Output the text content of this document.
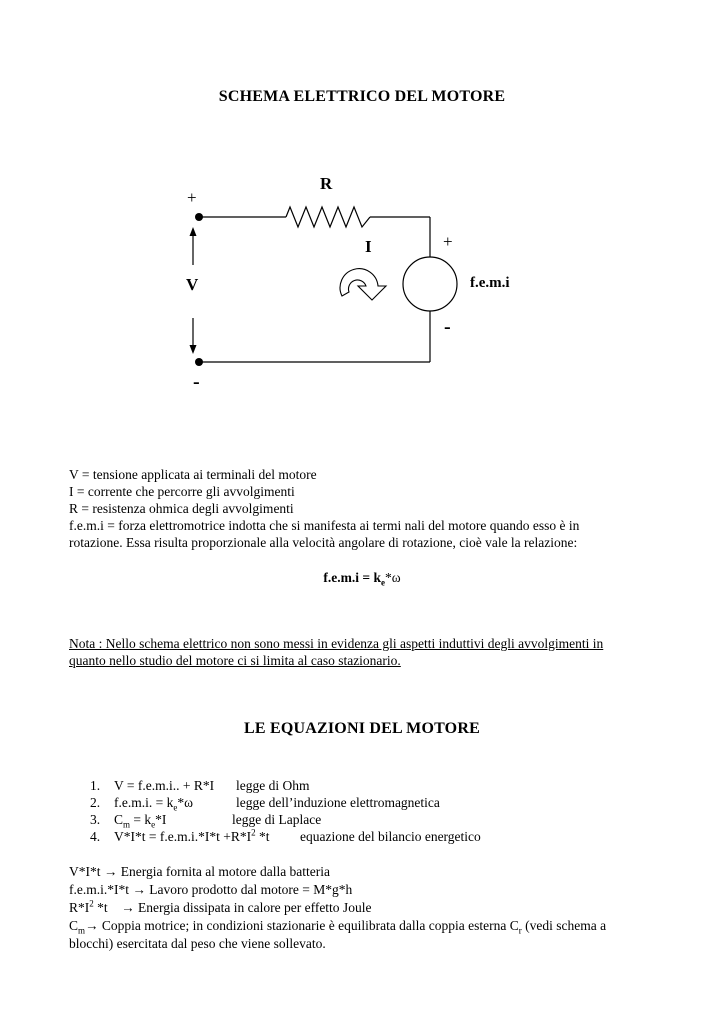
SCHEMA ELETTRICO DEL MOTORE
R
I
V	f.e.m.i
+
-
+
-
V = tensione applicata ai terminali del motore
I = corrente che percorre gli avvolgimenti
R = resistenza ohmica degli avvolgimenti
f.e.m.i = forza elettromotrice indotta che si manifesta ai termi nali del motore quando esso è in
rotazione. Essa risulta proporzionale alla velocità angolare di rotazione, cioè vale la relazione:
$f.e.m.i = k_e*\omega$
Nota : Nello schema elettrico non sono messi in evidenza gli aspetti induttivi degli avvolgimenti in
quanto nello studio del motore ci si limita al caso stazionario.
LE EQUAZIONI DEL MOTORE
1. V = f.e.m.i.. + R*I legge di Ohm
2. f.e.m.i. = $k_e*\omega$	legge dell’induzione elettromagnetica
3. $C_m = k_e*I$	legge di Laplace
4. $V*I*t = f.e.m.i.*I*t +R*I^2$ *t equazione del bilancio energetico
V*I*t → Energia fornita al motore dalla batteria
f.e.m.i.*I*t → Lavoro prodotto dal motore = M*g*h
$R*I^2$ *t    → Energia dissipata in calore per effetto Joule
$C_m\to$ Coppia motrice; in condizioni stazionarie è equilibrata dalla coppia esterna $C_r$ (vedi schema a
blocchi) esercitata dal peso che viene sollevato.
